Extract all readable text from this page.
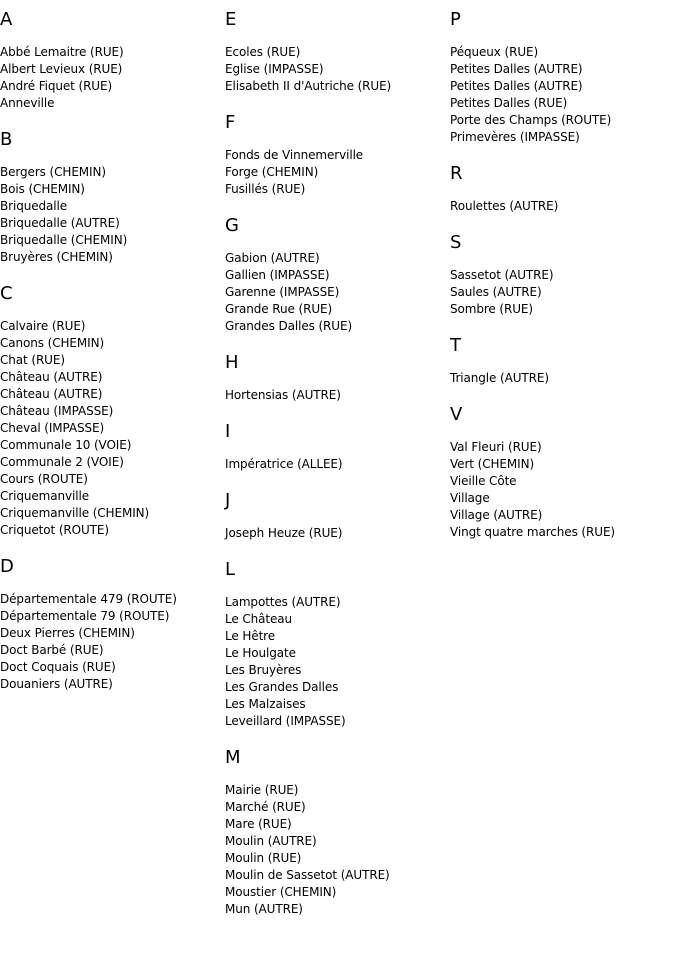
A
Abbé Lemaitre (RUE)
Albert Levieux (RUE)
André Fiquet (RUE)
Anneville
B
Bergers (CHEMIN)
Bois (CHEMIN)
Briquedalle
Briquedalle (AUTRE)
Briquedalle (CHEMIN)
Bruyères (CHEMIN)
C
Calvaire (RUE)
Canons (CHEMIN)
Chat (RUE)
Château (AUTRE)
Château (AUTRE)
Château (IMPASSE)
Cheval (IMPASSE)
Communale 10 (VOIE)
Communale 2 (VOIE)
Cours (ROUTE)
Criquemanville
Criquemanville (CHEMIN)
Criquetot (ROUTE)
D
Départementale 479 (ROUTE)
Départementale 79 (ROUTE)
Deux Pierres (CHEMIN)
Doct Barbé (RUE)
Doct Coquais (RUE)
Douaniers (AUTRE)
E
Ecoles (RUE)
Eglise (IMPASSE)
Elisabeth II d'Autriche (RUE)
F
Fonds de Vinnemerville
Forge (CHEMIN)
Fusillés (RUE)
G
Gabion (AUTRE)
Gallien (IMPASSE)
Garenne (IMPASSE)
Grande Rue (RUE)
Grandes Dalles (RUE)
H
Hortensias (AUTRE)
I
Impératrice (ALLEE)
J
Joseph Heuze (RUE)
L
Lampottes (AUTRE)
Le Château
Le Hêtre
Le Houlgate
Les Bruyères
Les Grandes Dalles
Les Malzaises
Leveillard (IMPASSE)
M
Mairie (RUE)
Marché (RUE)
Mare (RUE)
Moulin (AUTRE)
Moulin (RUE)
Moulin de Sassetot (AUTRE)
Moustier (CHEMIN)
Mun (AUTRE)
P
Péqueux (RUE)
Petites Dalles (AUTRE)
Petites Dalles (AUTRE)
Petites Dalles (RUE)
Porte des Champs (ROUTE)
Primevères (IMPASSE)
R
Roulettes (AUTRE)
S
Sassetot (AUTRE)
Saules (AUTRE)
Sombre (RUE)
T
Triangle (AUTRE)
V
Val Fleuri (RUE)
Vert (CHEMIN)
Vieille Côte
Village
Village (AUTRE)
Vingt quatre marches (RUE)
